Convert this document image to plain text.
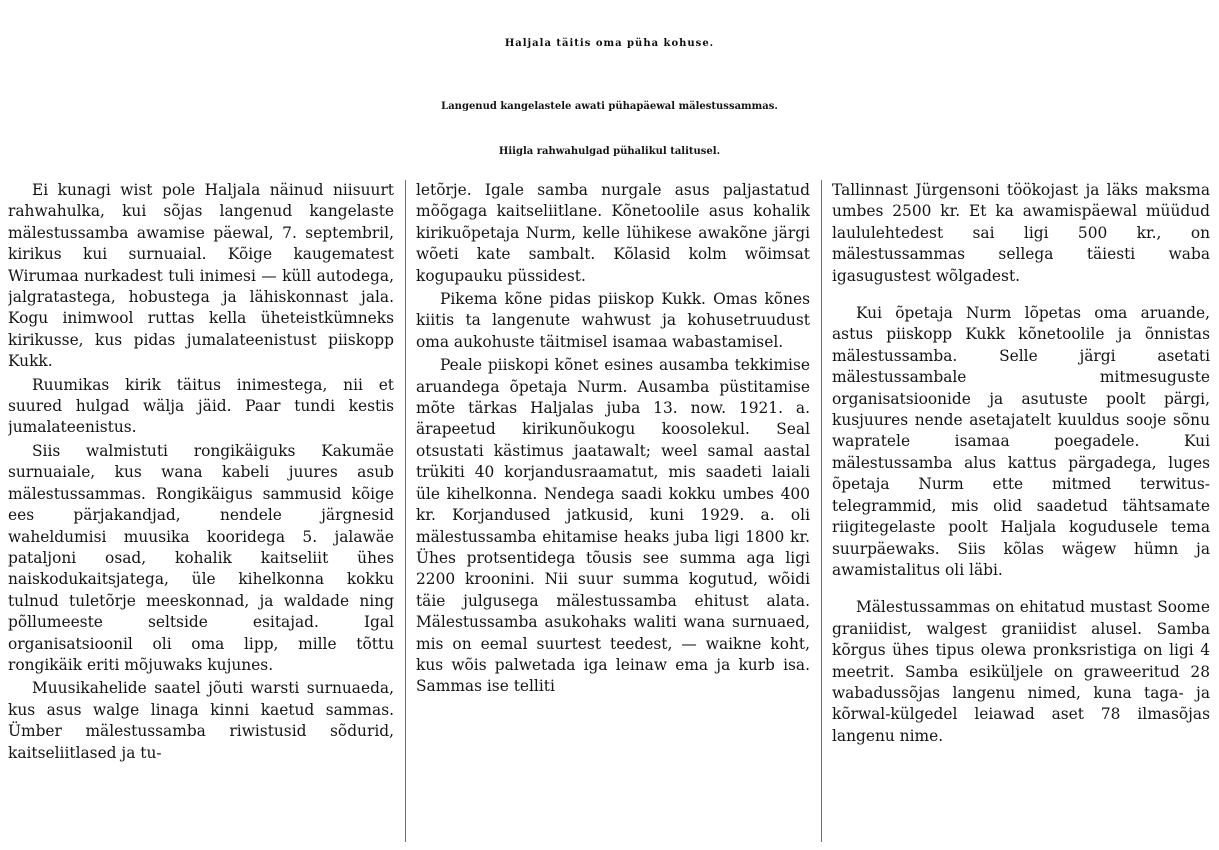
Haljala täitis oma püha kohuse.
Langenud kangelastele awati pühapäewal mälestussammas.
Hiigla rahwahulgad pühalikul talitusel.

Ei kunagi wist pole Haljala näinud niisuurt rahwahulka, kui sõjas langenud kangelaste mälestussamba awamise päewal, 7. septembril, kirikus kui surnuaial. Kõige kaugematest Wirumaa nurkadest tuli inimesi — küll autodega, jalgratastega, hobustega ja lähiskonnast jala. Kogu inimwool ruttas kella üheteistkümneks kirikusse, kus pidas jumalateenistust piiskopp Kukk.

Ruumikas kirik täitus inimestega, nii et suured hulgad wälja jäid. Paar tundi kestis jumalateenistus.

Siis walmistuti rongikäiguks Kakumäe surnuaiale, kus wana kabeli juures asub mälestussammas. Rongikäigus sammusid kõige ees pärjakandjad, nendele järgnesid waheldumisi muusika kooridega 5. jalawäe pataljoni osad, kohalik kaitseliit ühes naiskodukaitsjatega, üle kihelkonna kokku tulnud tuletõrje meeskonnad, ja waldade ning põllumeeste seltside esitajad. Igal organisatsioonil oli oma lipp, mille tõttu rongikäik eriti mõjuwaks kujunes.

Muusikahelide saatel jõuti warsti surnuaeda, kus asus walge linaga kinni kaetud sammas. Ümber mälestussamba riwistusid sõdurid, kaitseliitlased ja tu-

letõrje. Igale samba nurgale asus paljastatud mõõgaga kaitseliitlane. Kõnetoolile asus kohalik kirikuõpetaja Nurm, kelle lühikese awakõne järgi wõeti kate sambalt. Kõlasid kolm wõimsat kogupauku püssidest.

Pikema kõne pidas piiskop Kukk. Omas kõnes kiitis ta langenute wahwust ja kohusetruudust oma aukohuste täitmisel isamaa wabastamisel.

Peale piiskopi kõnet esines ausamba tekkimise aruandega õpetaja Nurm. Ausamba püstitamise mõte tärkas Haljalas juba 13. now. 1921. a. ärapeetud kirikunõukogu koosolekul. Seal otsustati kästimus jaatawalt; weel samal aastal trükiti 40 korjandusraamatut, mis saadeti laiali üle kihelkonna. Nendega saadi kokku umbes 400 kr. Korjandused jatkusid, kuni 1929. a. oli mälestussamba ehitamise heaks juba ligi 1800 kr. Ühes protsentidega tõusis see summa aga ligi 2200 kroonini. Nii suur summa kogutud, wõidi täie julgusega mälestussamba ehitust alata. Mälestussamba asukohaks waliti wana surnuaed, mis on eemal suurtest teedest, — waikne koht, kus wõis palwetada iga leinaw ema ja kurb isa. Sammas ise telliti

Tallinnast Jürgensoni töökojast ja läks maksma umbes 2500 kr. Et ka awamispäewal müüdud laululehtedest sai ligi 500 kr., on mälestussammas sellega täiesti waba igasugustest wõlgadest.

Kui õpetaja Nurm lõpetas oma aruande, astus piiskopp Kukk kõnetoolile ja õnnistas mälestussamba. Selle järgi asetati mälestussambale mitmesuguste organisatsioonide ja asutuste poolt pärgi, kusjuures nende asetajatelt kuuldus sooje sõnu wapratele isamaa poegadele. Kui mälestussamba alus kattus pärgadega, luges õpetaja Nurm ette mitmed terwitus-telegrammid, mis olid saadetud tähtsamate riigitegelaste poolt Haljala kogudusele tema suurpäewaks. Siis kõlas wägew hümn ja awamistalitus oli läbi.

Mälestussammas on ehitatud mustast Soome graniidist, walgest graniidist alusel. Samba kõrgus ühes tipus olewa pronksristiga on ligi 4 meetrit. Samba esiküljele on graweeritud 28 wabadussõjas langenu nimed, kuna taga- ja kõrwal-külgedel leiawad aset 78 ilmasõjas langenu nime.
